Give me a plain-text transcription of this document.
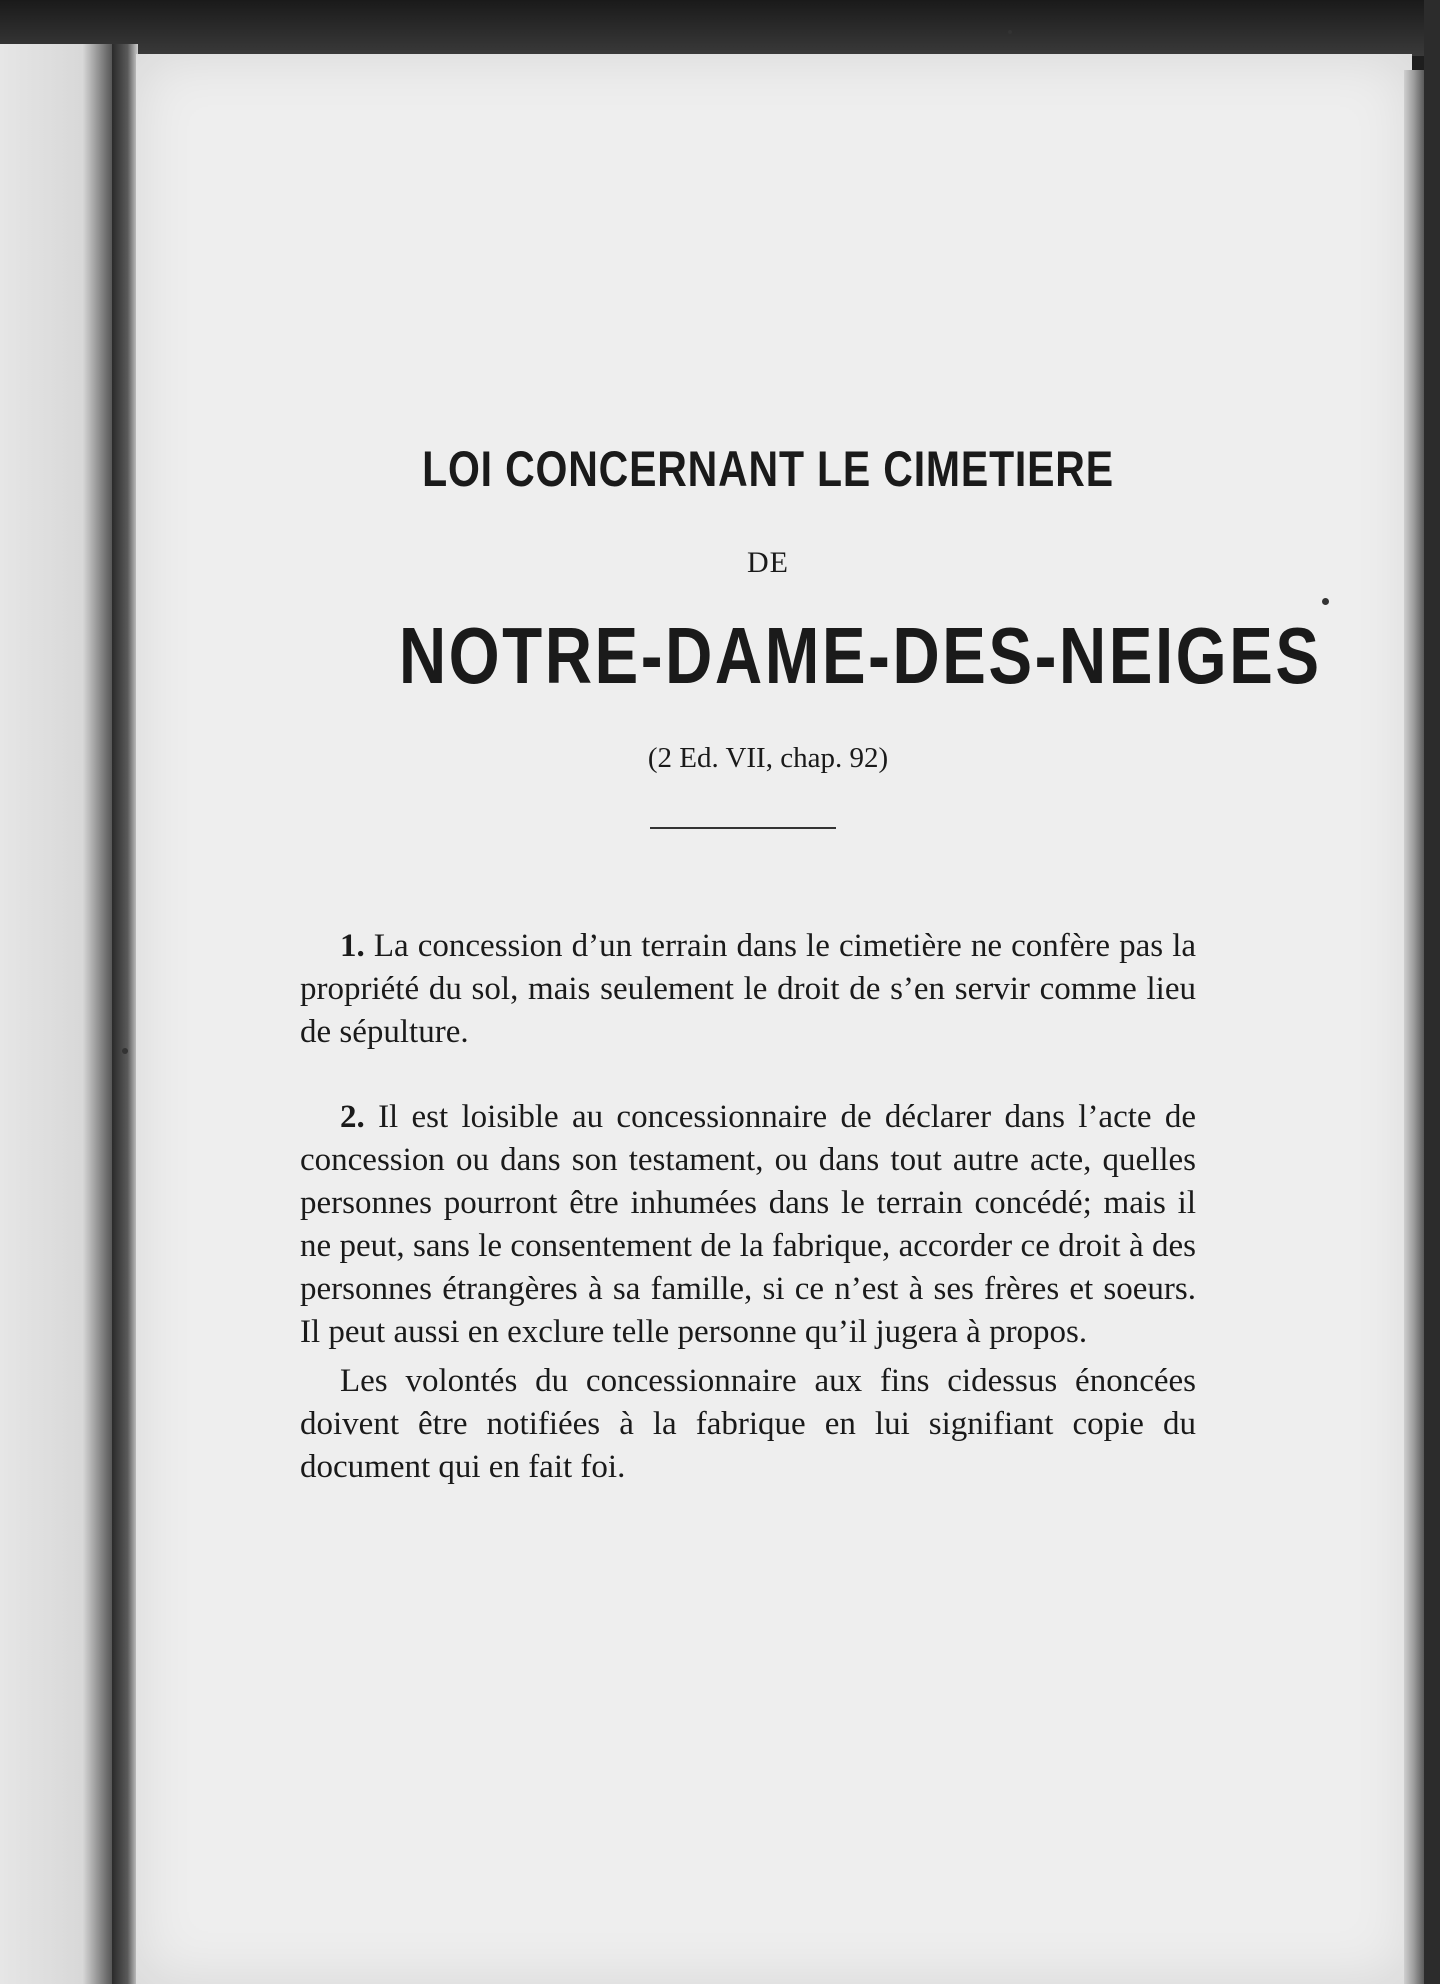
LOI CONCERNANT LE CIMETIERE

DE

NOTRE-DAME-DES-NEIGES

(2 Ed. VII, chap. 92)

1. La concession d’un terrain dans le cimetière ne confère pas la propriété du sol, mais seulement le droit de s’en servir comme lieu de sépulture.

2. Il est loisible au concessionnaire de déclarer dans l’acte de concession ou dans son testament, ou dans tout autre acte, quelles personnes pourront être inhumées dans le terrain concédé; mais il ne peut, sans le consentement de la fabrique, accorder ce droit à des personnes étrangères à sa famille, si ce n’est à ses frères et soeurs. Il peut aussi en exclure telle personne qu’il jugera à propos.

Les volontés du concessionnaire aux fins cidessus énoncées doivent être notifiées à la fabrique en lui signifiant copie du document qui en fait foi.
